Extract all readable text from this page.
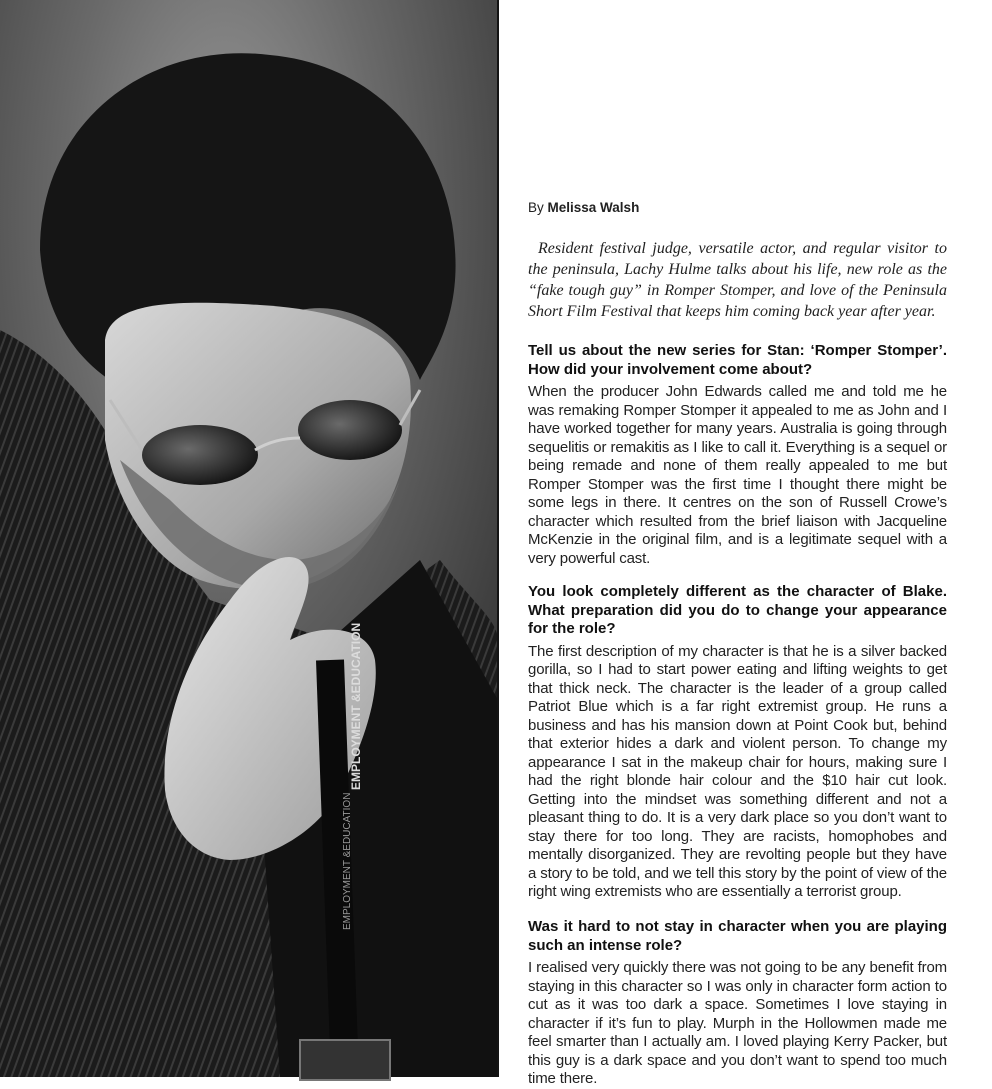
EMPLOYMENT &EDUCATION
EMPLOYMENT &EDUCATION
By Melissa Walsh
Resident festival judge, versatile actor, and regular visitor to the peninsula, Lachy Hulme talks about his life, new role as the “fake tough guy” in Romper Stomper, and love of the Peninsula Short Film Festival that keeps him coming back year after year.
Tell us about the new series for Stan: ‘Romper Stomper’. How did your involvement come about?
When the producer John Edwards called me and told me he was remaking Romper Stomper it appealed to me as John and I have worked together for many years. Australia is going through sequelitis or remakitis as I like to call it. Everything is a sequel or being remade and none of them really appealed to me but Romper Stomper was the first time I thought there might be some legs in there. It centres on the son of Russell Crowe’s character which resulted from the brief liaison with Jacqueline McKenzie in the original film, and is a legitimate sequel with a very powerful cast.
You look completely different as the character of Blake. What preparation did you do to change your appearance for the role?
The first description of my character is that he is a silver backed gorilla, so I had to start power eating and lifting weights to get that thick neck. The character is the leader of a group called Patriot Blue which is a far right extremist group. He runs a business and has his mansion down at Point Cook but, behind that exterior hides a dark and violent person. To change my appearance I sat in the makeup chair for hours, making sure I had the right blonde hair colour and the $10 hair cut look. Getting into the mindset was something different and not a pleasant thing to do. It is a very dark place so you don’t want to stay there for too long. They are racists, homophobes and mentally disorganized. They are revolting people but they have a story to be told, and we tell this story by the point of view of the right wing extremists who are essentially a terrorist group.
Was it hard to not stay in character when you are playing such an intense role?
I realised very quickly there was not going to be any benefit from staying in this character so I was only in character form action to cut as it was too dark a space. Sometimes I love staying in character if it’s fun to play. Murph in the Hollowmen made me feel smarter than I actually am. I loved playing Kerry Packer, but this guy is a dark space and you don’t want to spend too much time there.
